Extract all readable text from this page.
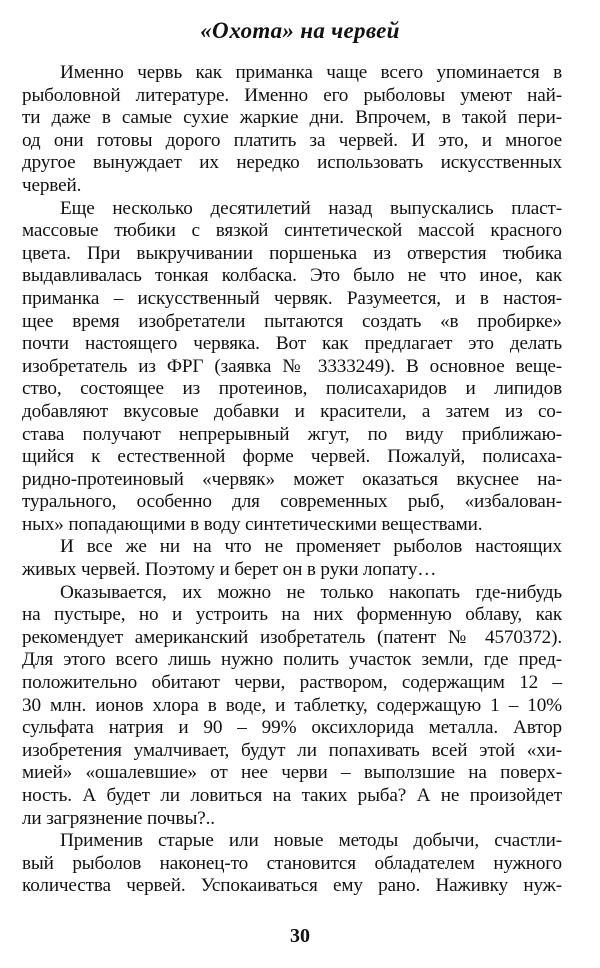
«Охота» на червей
Именно червь как приманка чаще всего упоминается в
рыболовной литературе. Именно его рыболовы умеют най-
ти даже в самые сухие жаркие дни. Впрочем, в такой пери-
од они готовы дорого платить за червей. И это, и многое
другое вынуждает их нередко использовать искусственных
червей.
Еще несколько десятилетий назад выпускались пласт-
массовые тюбики с вязкой синтетической массой красного
цвета. При выкручивании поршенька из отверстия тюбика
выдавливалась тонкая колбаска. Это было не что иное, как
приманка – искусственный червяк. Разумеется, и в настоя-
щее время изобретатели пытаются создать «в пробирке»
почти настоящего червяка. Вот как предлагает это делать
изобретатель из ФРГ (заявка № 3333249). В основное веще-
ство, состоящее из протеинов, полисахаридов и липидов
добавляют вкусовые добавки и красители, а затем из со-
става получают непрерывный жгут, по виду приближаю-
щийся к естественной форме червей. Пожалуй, полисаха-
ридно-протеиновый «червяк» может оказаться вкуснее на-
турального, особенно для современных рыб, «избалован-
ных» попадающими в воду синтетическими веществами.
И все же ни на что не променяет рыболов настоящих
живых червей. Поэтому и берет он в руки лопату…
Оказывается, их можно не только накопать где-нибудь
на пустыре, но и устроить на них форменную облаву, как
рекомендует американский изобретатель (патент № 4570372).
Для этого всего лишь нужно полить участок земли, где пред-
положительно обитают черви, раствором, содержащим 12 –
30 млн. ионов хлора в воде, и таблетку, содержащую 1 – 10%
сульфата натрия и 90 – 99% оксихлорида металла. Автор
изобретения умалчивает, будут ли попахивать всей этой «хи-
мией» «ошалевшие» от нее черви – выползшие на поверх-
ность. А будет ли ловиться на таких рыба? А не произойдет
ли загрязнение почвы?..
Применив старые или новые методы добычи, счастли-
вый рыболов наконец-то становится обладателем нужного
количества червей. Успокаиваться ему рано. Наживку нуж-
30
